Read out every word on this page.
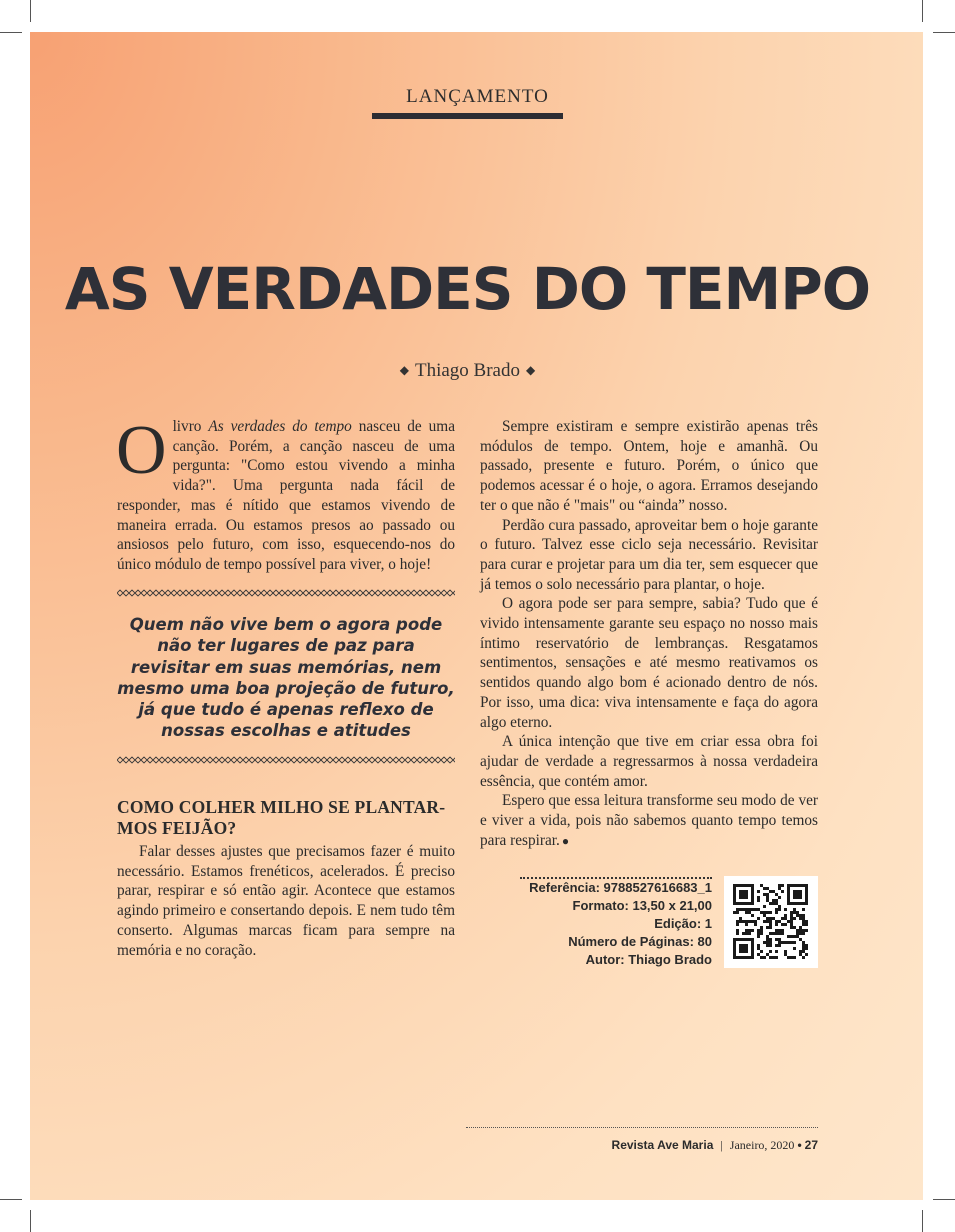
LANÇAMENTO
AS VERDADES DO TEMPO
◆ Thiago Brado ◆

O livro As verdades do tempo nasceu de uma canção. Porém, a canção nasceu de uma pergunta: "Como estou vivendo a minha vida?". Uma pergunta nada fácil de responder, mas é nítido que estamos vivendo de maneira errada. Ou estamos presos ao passado ou ansiosos pelo futuro, com isso, esquecendo-nos do único módulo de tempo possível para viver, o hoje!

Quem não vive bem o agora pode não ter lugares de paz para revisitar em suas memórias, nem mesmo uma boa projeção de futuro, já que tudo é apenas reflexo de nossas escolhas e atitudes
COMO COLHER MILHO SE PLANTAR-
MOS FEIJÃO?

Falar desses ajustes que precisamos fazer é muito necessário. Estamos frenéticos, acelerados. É preciso parar, respirar e só então agir. Acontece que estamos agindo primeiro e consertando depois. E nem tudo têm conserto. Algumas marcas ficam para sempre na memória e no coração.

Sempre existiram e sempre existirão apenas três módulos de tempo. Ontem, hoje e amanhã. Ou passado, presente e futuro. Porém, o único que podemos acessar é o hoje, o agora. Erramos desejando ter o que não é "mais" ou “ainda” nosso.

Perdão cura passado, aproveitar bem o hoje garante o futuro. Talvez esse ciclo seja necessário. Revisitar para curar e projetar para um dia ter, sem esquecer que já temos o solo necessário para plantar, o hoje.

O agora pode ser para sempre, sabia? Tudo que é vivido intensamente garante seu espaço no nosso mais íntimo reservatório de lembranças. Resgatamos sentimentos, sensações e até mesmo reativamos os sentidos quando algo bom é acionado dentro de nós. Por isso, uma dica: viva intensamente e faça do agora algo eterno.

A única intenção que tive em criar essa obra foi ajudar de verdade a regressarmos à nossa verdadeira essência, que contém amor.

Espero que essa leitura transforme seu modo de ver e viver a vida, pois não sabemos quanto tempo temos para respirar. ●

Referência: 9788527616683_1
Formato: 13,50 x 21,00
Edição: 1
Número de Páginas: 80
Autor: Thiago Brado
Revista Ave Maria | Janeiro, 2020 • 27
